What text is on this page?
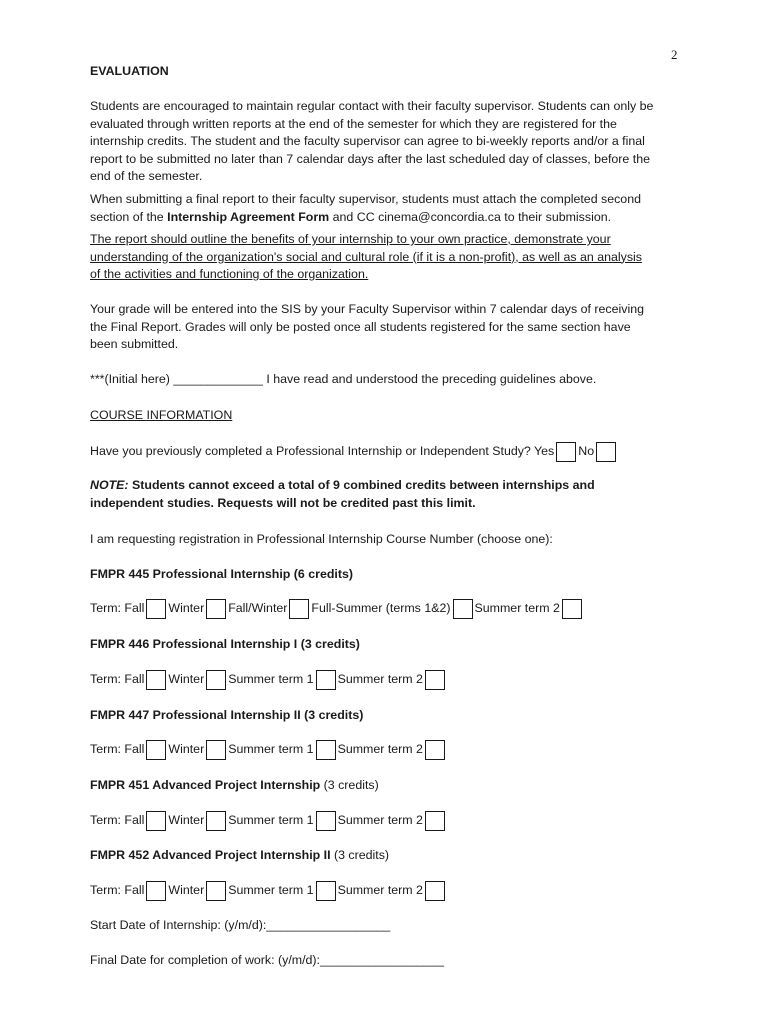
2
EVALUATION

Students are encouraged to maintain regular contact with their faculty supervisor. Students can only be evaluated through written reports at the end of the semester for which they are registered for the internship credits. The student and the faculty supervisor can agree to bi-weekly reports and/or a final report to be submitted no later than 7 calendar days after the last scheduled day of classes, before the end of the semester.

When submitting a final report to their faculty supervisor, students must attach the completed second section of the Internship Agreement Form and CC cinema@concordia.ca to their submission.

The report should outline the benefits of your internship to your own practice, demonstrate your understanding of the organization's social and cultural role (if it is a non-profit), as well as an analysis of the activities and functioning of the organization.

Your grade will be entered into the SIS by your Faculty Supervisor within 7 calendar days of receiving the Final Report. Grades will only be posted once all students registered for the same section have been submitted.

***(Initial here) _____________ I have read and understood the preceding guidelines above.
COURSE INFORMATION
Have you previously completed a Professional Internship or Independent Study? Yes No

NOTE: Students cannot exceed a total of 9 combined credits between internships and independent studies. Requests will not be credited past this limit.

I am requesting registration in Professional Internship Course Number (choose one):
FMPR 445 Professional Internship (6 credits)
Term: Fall Winter Fall/Winter Full-Summer (terms 1&2) Summer term 2
FMPR 446 Professional Internship I (3 credits)
Term: Fall Winter Summer term 1 Summer term 2
FMPR 447 Professional Internship II (3 credits)
Term: Fall Winter Summer term 1 Summer term 2
FMPR 451 Advanced Project Internship (3 credits)
Term: Fall Winter Summer term 1 Summer term 2
FMPR 452 Advanced Project Internship II (3 credits)
Term: Fall Winter Summer term 1 Summer term 2
Start Date of Internship: (y/m/d):__________________
Final Date for completion of work: (y/m/d):__________________
